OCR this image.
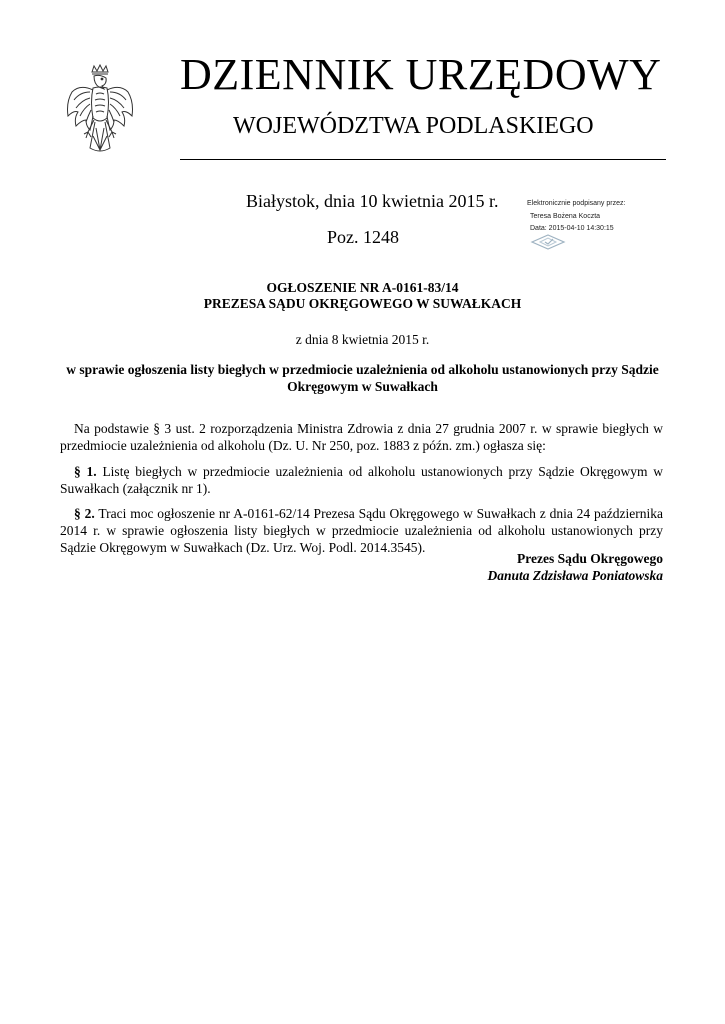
DZIENNIK URZĘDOWY
WOJEWÓDZTWA PODLASKIEGO
Białystok, dnia 10 kwietnia 2015 r.
Poz. 1248
Elektronicznie podpisany przez:
Teresa Bożena Koczta
Data: 2015-04-10 14:30:15
OGŁOSZENIE NR A-0161-83/14
PREZESA SĄDU OKRĘGOWEGO W SUWAŁKACH
z dnia 8 kwietnia 2015 r.
w sprawie ogłoszenia listy biegłych w przedmiocie uzależnienia od alkoholu ustanowionych przy Sądzie Okręgowym w Suwałkach

Na podstawie § 3 ust. 2 rozporządzenia Ministra Zdrowia z dnia 27 grudnia 2007 r. w sprawie biegłych w przedmiocie uzależnienia od alkoholu (Dz. U. Nr 250, poz. 1883 z późn. zm.) ogłasza się:

§ 1. Listę biegłych w przedmiocie uzależnienia od alkoholu ustanowionych przy Sądzie Okręgowym w Suwałkach (załącznik nr 1).

§ 2. Traci moc ogłoszenie nr A-0161-62/14 Prezesa Sądu Okręgowego w Suwałkach z dnia 24 października 2014 r. w sprawie ogłoszenia listy biegłych w przedmiocie uzależnienia od alkoholu ustanowionych przy Sądzie Okręgowym w Suwałkach (Dz. Urz. Woj. Podl. 2014.3545).

Prezes Sądu Okręgowego
Danuta Zdzisława Poniatowska
